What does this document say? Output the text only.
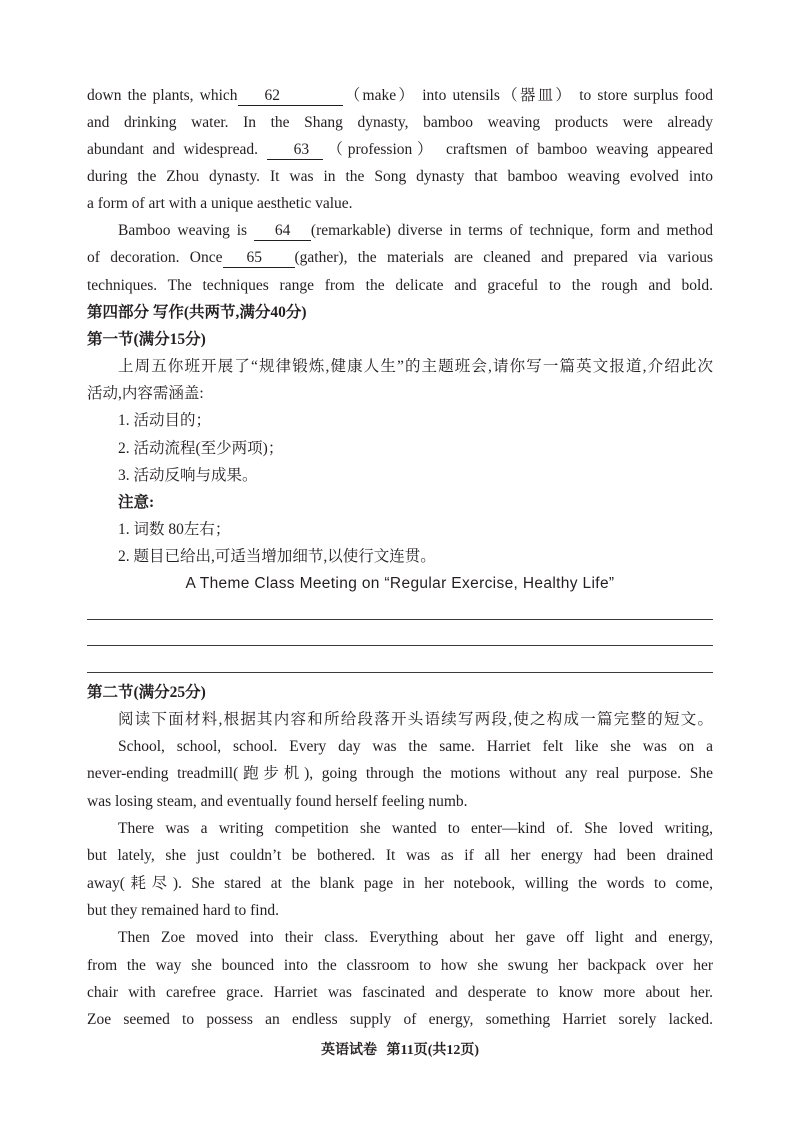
down the plants, which 62	（make） into utensils（器皿） to store surplus food
and drinking water. In the Shang dynasty, bamboo weaving products were already
abundant and widespread. 63 （profession） craftsmen of bamboo weaving appeared
during the Zhou dynasty. It was in the Song dynasty that bamboo weaving evolved into
a form of art with a unique aesthetic value.
Bamboo weaving is 64 (remarkable) diverse in terms of technique, form and method
of decoration. Once 65 (gather), the materials are cleaned and prepared via various
techniques. The techniques range from the delicate and graceful to the rough and bold.
第四部分 写作(共两节,满分40分)
第一节(满分15分)
上周五你班开展了“规律锻炼,健康人生”的主题班会,请你写一篇英文报道,介绍此次
活动,内容需涵盖:
1. 活动目的；
2. 活动流程(至少两项)；
3. 活动反响与成果。
注意:
1. 词数 80左右；
2. 题目已给出,可适当增加细节,以使行文连贯。
A Theme Class Meeting on “Regular Exercise, Healthy Life”
第二节(满分25分)
阅读下面材料,根据其内容和所给段落开头语续写两段,使之构成一篇完整的短文。
School, school, school. Every day was the same. Harriet felt like she was on a
never-ending treadmill(跑步机), going through the motions without any real purpose. She
was losing steam, and eventually found herself feeling numb.
There was a writing competition she wanted to enter—kind of. She loved writing,
but lately, she just couldn’t be bothered. It was as if all her energy had been drained
away(耗尽). She stared at the blank page in her notebook, willing the words to come,
but they remained hard to find.
Then Zoe moved into their class. Everything about her gave off light and energy,
from the way she bounced into the classroom to how she swung her backpack over her
chair with carefree grace. Harriet was fascinated and desperate to know more about her.
Zoe seemed to possess an endless supply of energy, something Harriet sorely lacked.
英语试卷 第11页(共12页)
